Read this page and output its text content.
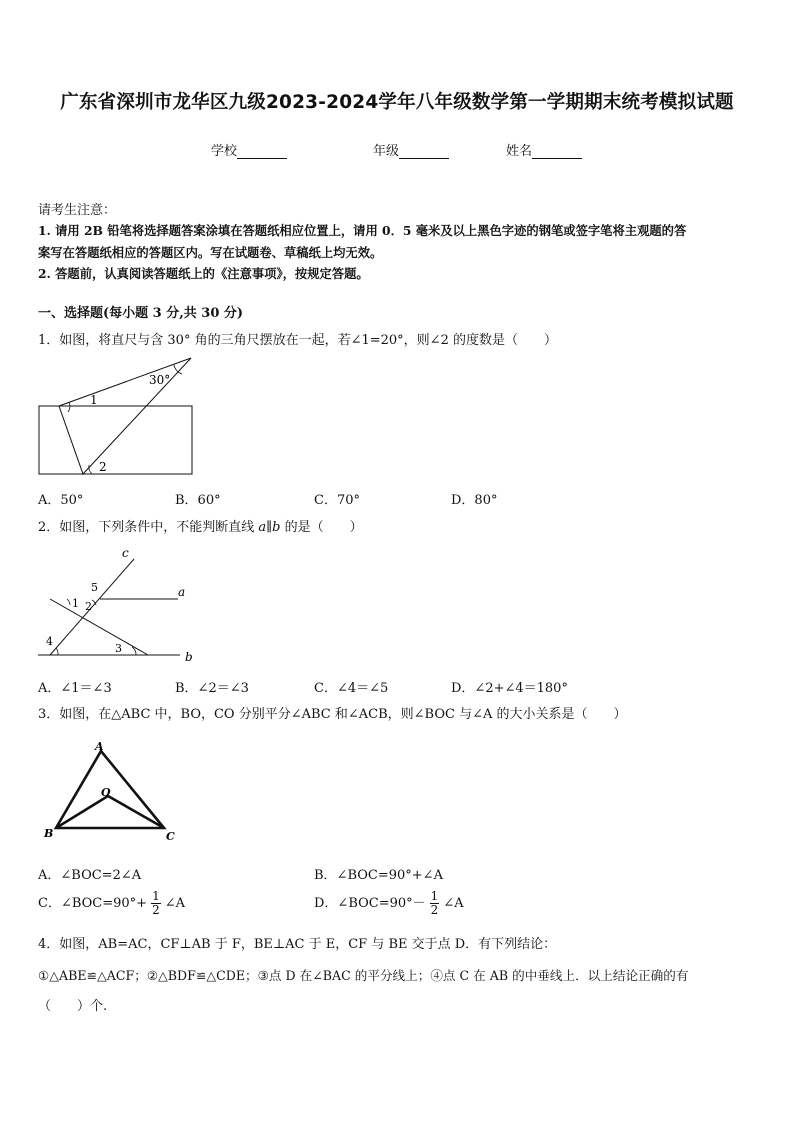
广东省深圳市龙华区九级2023-2024学年八年级数学第一学期期末统考模拟试题
学校	年级	姓名
请考生注意：
1. 请用 2B 铅笔将选择题答案涂填在答题纸相应位置上，请用 0．5 毫米及以上黑色字迹的钢笔或签字笔将主观题的答
案写在答题纸相应的答题区内。写在试题卷、草稿纸上均无效。
2. 答题前，认真阅读答题纸上的《注意事项》，按规定答题。
一、选择题(每小题 3 分,共 30 分)
1．如图，将直尺与含 30° 角的三角尺摆放在一起，若∠1=20°，则∠2 的度数是（　　）
30°
1
2
A．50°	B．60°	C．70°	D．80°
2．如图，下列条件中，不能判断直线 a∥b 的是（　　）
c
a
b
5
1 2
4
3
A．∠1＝∠3	B．∠2＝∠3	C．∠4＝∠5	D．∠2+∠4＝180°
3．如图，在△ABC 中，BO，CO 分别平分∠ABC 和∠ACB，则∠BOC 与∠A 的大小关系是（　　）
A
B	C
O
A．∠BOC=2∠A	B．∠BOC=90°+∠A
C．∠BOC=90°+ $\frac{1}{2}$ ∠A	D．∠BOC=90°－ $\frac{1}{2}$ ∠A
4．如图，AB=AC，CF⊥AB 于 F，BE⊥AC 于 E，CF 与 BE 交于点 D．有下列结论：
①△ABE≌△ACF；②△BDF≌△CDE；③点 D 在∠BAC 的平分线上；④点 C 在 AB 的中垂线上．以上结论正确的有
（　　）个.
